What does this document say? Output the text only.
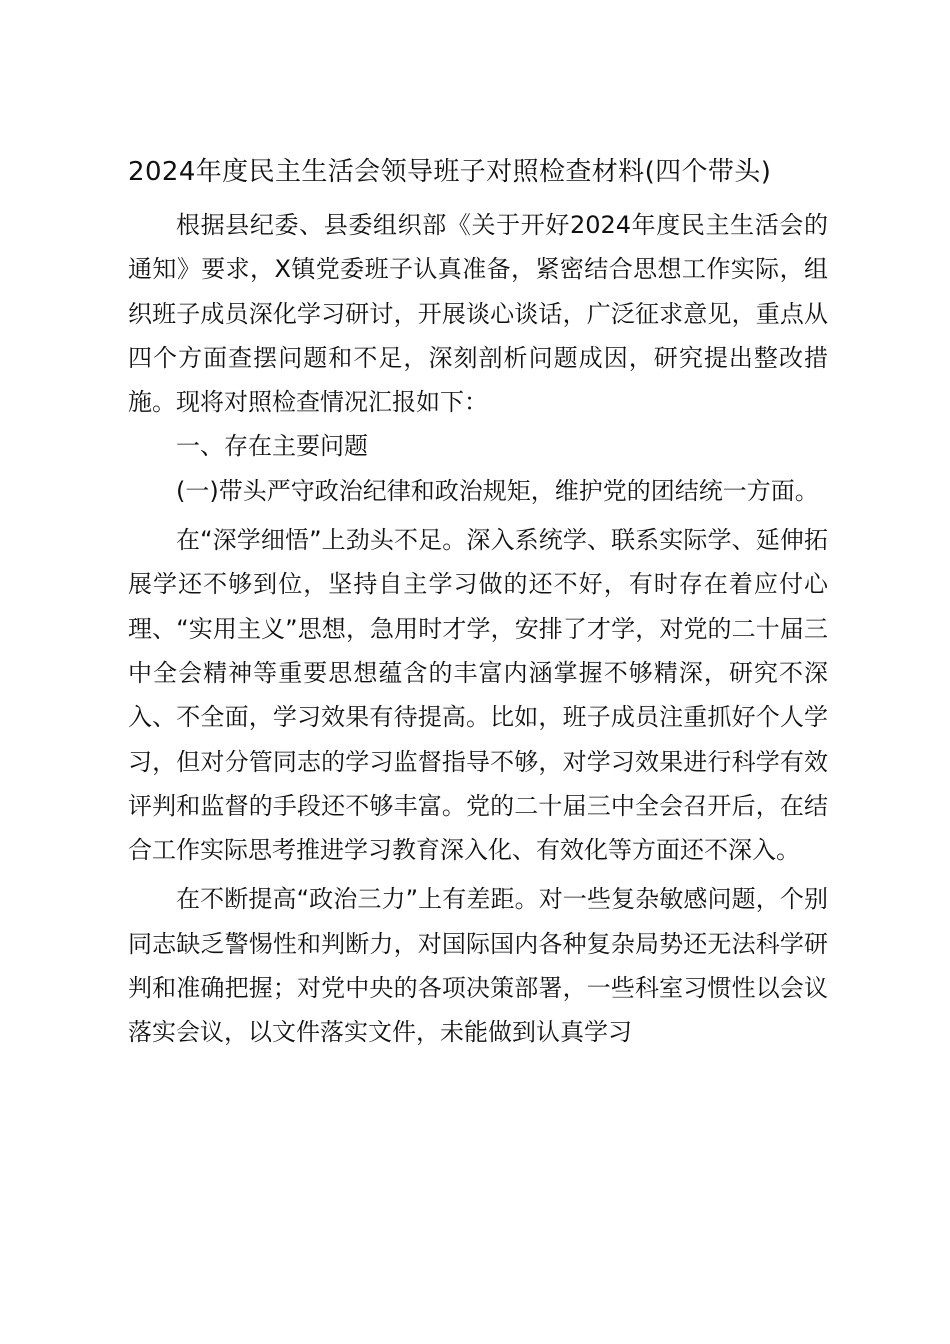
2024年度民主生活会领导班子对照检查材料(四个带头)

根据县纪委、县委组织部《关于开好2024年度民主生活会的通知》要求，X镇党委班子认真准备，紧密结合思想工作实际，组织班子成员深化学习研讨，开展谈心谈话，广泛征求意见，重点从四个方面查摆问题和不足，深刻剖析问题成因，研究提出整改措施。现将对照检查情况汇报如下：

一、存在主要问题

(一)带头严守政治纪律和政治规矩，维护党的团结统一方面。

在“深学细悟”上劲头不足。深入系统学、联系实际学、延伸拓展学还不够到位，坚持自主学习做的还不好，有时存在着应付心理、“实用主义”思想，急用时才学，安排了才学，对党的二十届三中全会精神等重要思想蕴含的丰富内涵掌握不够精深，研究不深入、不全面，学习效果有待提高。比如，班子成员注重抓好个人学习，但对分管同志的学习监督指导不够，对学习效果进行科学有效评判和监督的手段还不够丰富。党的二十届三中全会召开后，在结合工作实际思考推进学习教育深入化、有效化等方面还不深入。

在不断提高“政治三力”上有差距。对一些复杂敏感问题，个别同志缺乏警惕性和判断力，对国际国内各种复杂局势还无法科学研判和准确把握；对党中央的各项决策部署，一些科室习惯性以会议落实会议，以文件落实文件，未能做到认真学习
